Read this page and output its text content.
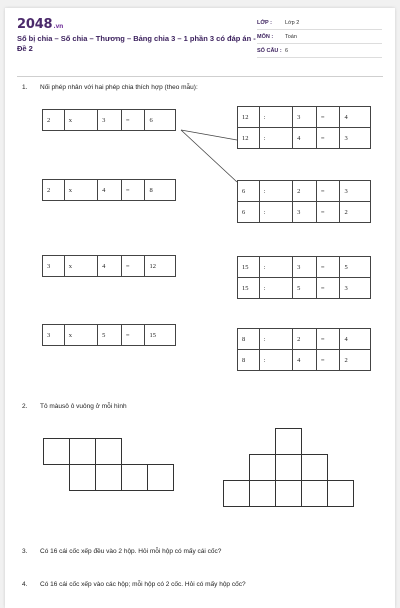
2048.vn
Số bị chia – Số chia – Thương – Bảng chia 3 – 1 phần 3 có đáp án - Đề 2
LỚP : Lớp 2
MÔN : Toán
SỐ CÂU : 6
1. Nối phép nhân với hai phép chia thích hợp (theo mẫu):
2	x	3	=	6
2	x	4	=	8
3	x	4	=	12
3	x	5	=	15
12	:	3	=	4
12	:	4	=	3
6	:	2	=	3
6	:	3	=	2
15	:	3	=	5
15	:	5	=	3
8	:	2	=	4
8	:	4	=	2
2. Tô màusô ô vuông ở mỗi hình
3. Có 16 cái cốc xếp đều vào 2 hộp. Hỏi mỗi hộp có mấy cái cốc?
4. Có 16 cái cốc xếp vào các hộp; mỗi hộp có 2 cốc. Hỏi có mấy hộp cốc?
